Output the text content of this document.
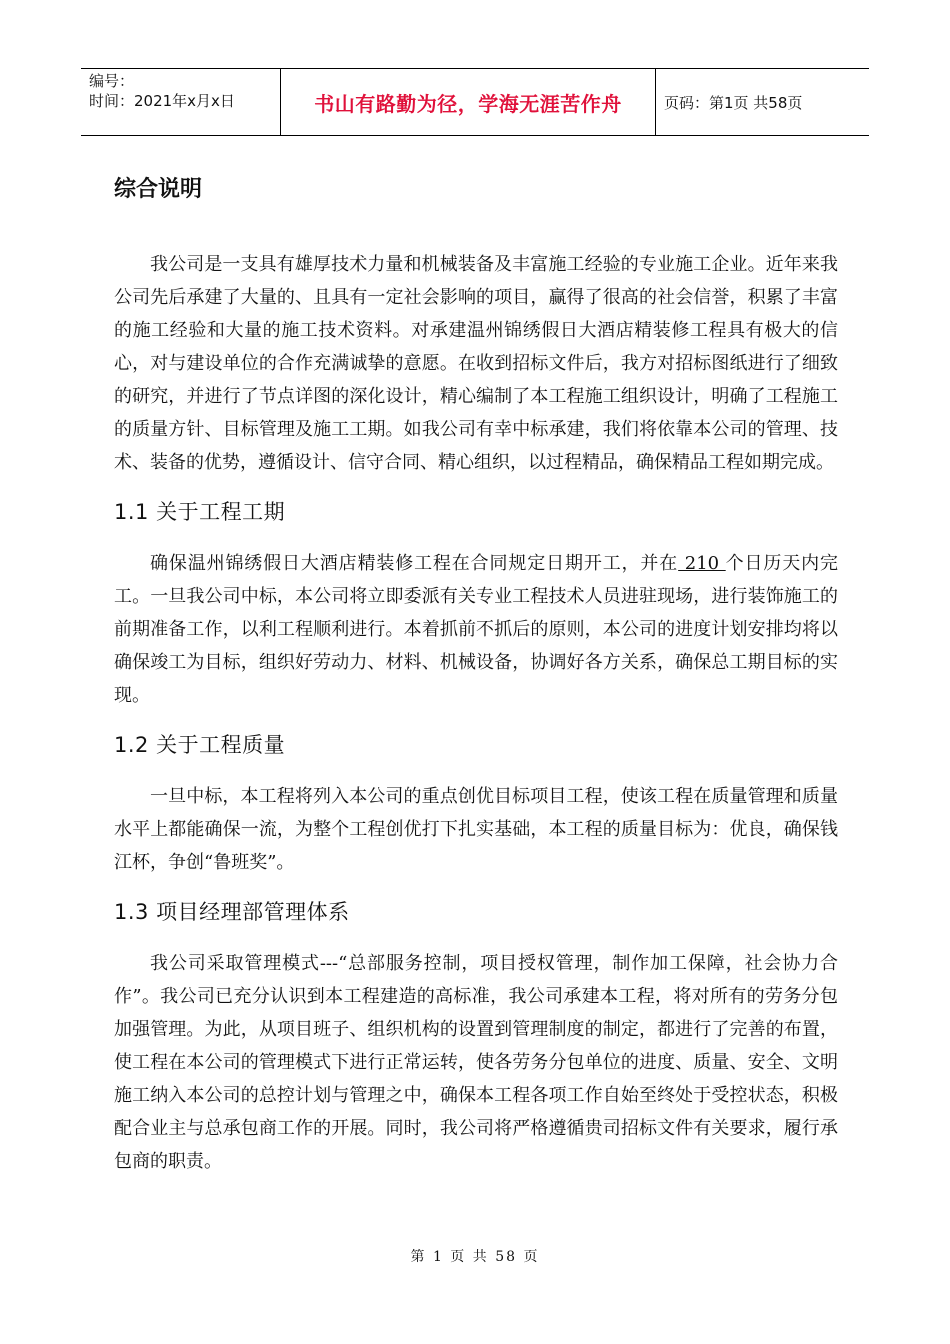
编号：
时间：2021年x月x日	书山有路勤为径，学海无涯苦作舟	页码：第1页 共58页
综合说明

我公司是一支具有雄厚技术力量和机械装备及丰富施工经验的专业施工企业。近年来我公司先后承建了大量的、且具有一定社会影响的项目，赢得了很高的社会信誉，积累了丰富的施工经验和大量的施工技术资料。对承建温州锦绣假日大酒店精装修工程具有极大的信心，对与建设单位的合作充满诚挚的意愿。在收到招标文件后，我方对招标图纸进行了细致的研究，并进行了节点详图的深化设计，精心编制了本工程施工组织设计，明确了工程施工的质量方针、目标管理及施工工期。如我公司有幸中标承建，我们将依靠本公司的管理、技术、装备的优势，遵循设计、信守合同、精心组织，以过程精品，确保精品工程如期完成。

1.1 关于工程工期

确保温州锦绣假日大酒店精装修工程在合同规定日期开工，并在 210 个日历天内完工。一旦我公司中标，本公司将立即委派有关专业工程技术人员进驻现场，进行装饰施工的前期准备工作，以利工程顺利进行。本着抓前不抓后的原则，本公司的进度计划安排均将以确保竣工为目标，组织好劳动力、材料、机械设备，协调好各方关系，确保总工期目标的实现。

1.2 关于工程质量

一旦中标，本工程将列入本公司的重点创优目标项目工程，使该工程在质量管理和质量水平上都能确保一流，为整个工程创优打下扎实基础，本工程的质量目标为：优良，确保钱江杯，争创“鲁班奖”。

1.3 项目经理部管理体系

我公司采取管理模式---“总部服务控制，项目授权管理，制作加工保障，社会协力合作”。我公司已充分认识到本工程建造的高标准，我公司承建本工程，将对所有的劳务分包加强管理。为此，从项目班子、组织机构的设置到管理制度的制定，都进行了完善的布置，使工程在本公司的管理模式下进行正常运转，使各劳务分包单位的进度、质量、安全、文明施工纳入本公司的总控计划与管理之中，确保本工程各项工作自始至终处于受控状态，积极配合业主与总承包商工作的开展。同时，我公司将严格遵循贵司招标文件有关要求，履行承包商的职责。

第 1 页 共 58 页
